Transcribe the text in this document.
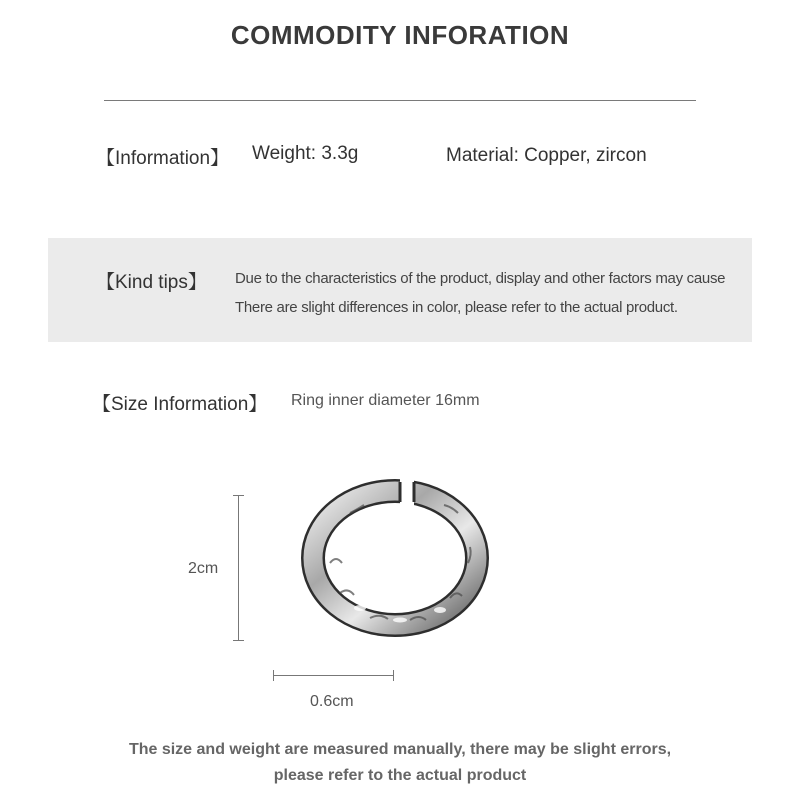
COMMODITY INFORATION
【Information】 Weight: 3.3g	Material: Copper, zircon
【Kind tips】 Due to the characteristics of the product, display and other factors may cause
There are slight differences in color, please refer to the actual product.
【Size Information】 Ring inner diameter 16mm
2cm
0.6cm
The size and weight are measured manually, there may be slight errors,
please refer to the actual product
